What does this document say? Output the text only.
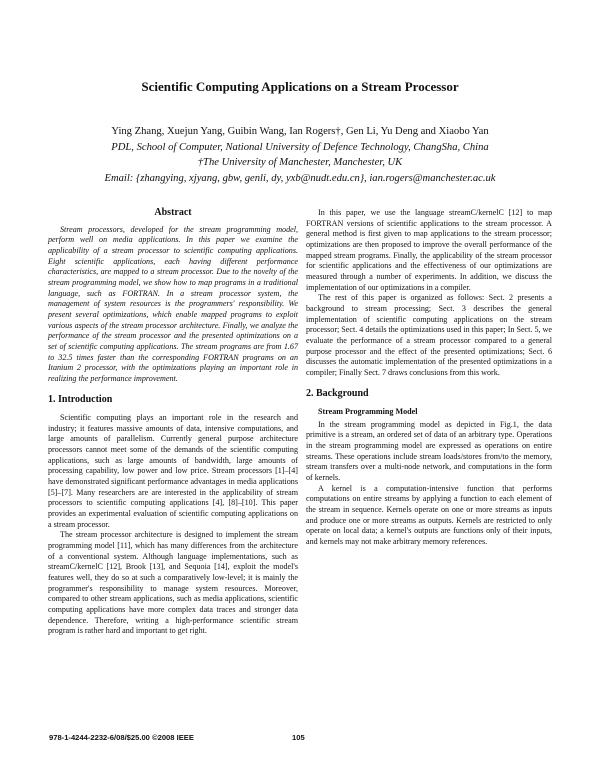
Scientific Computing Applications on a Stream Processor
Ying Zhang, Xuejun Yang, Guibin Wang, Ian Rogers†, Gen Li, Yu Deng and Xiaobo Yan
PDL, School of Computer, National University of Defence Technology, ChangSha, China
†The University of Manchester, Manchester, UK
Email: {zhangying, xjyang, gbw, genli, dy, yxb@nudt.edu.cn}, ian.rogers@manchester.ac.uk
Abstract

Stream processors, developed for the stream programming model, perform well on media applications. In this paper we examine the applicability of a stream processor to scientific computing applications. Eight scientific applications, each having different performance characteristics, are mapped to a stream processor. Due to the novelty of the stream programming model, we show how to map programs in a traditional language, such as FORTRAN. In a stream processor system, the management of system resources is the programmers' responsibility. We present several optimizations, which enable mapped programs to exploit various aspects of the stream processor architecture. Finally, we analyze the performance of the stream processor and the presented optimizations on a set of scientific computing applications. The stream programs are from 1.67 to 32.5 times faster than the corresponding FORTRAN programs on an Itanium 2 processor, with the optimizations playing an important role in realizing the performance improvement.

1. Introduction

Scientific computing plays an important role in the research and industry; it features massive amounts of data, intensive computations, and large amounts of parallelism. Currently general purpose architecture processors cannot meet some of the demands of the scientific computing applications, such as large amounts of bandwidth, large amounts of processing capability, low power and low price. Stream processors [1]–[4] have demonstrated significant performance advantages in media applications [5]–[7]. Many researchers are are interested in the applicability of stream processors to scientific computing applications [4], [8]–[10]. This paper provides an experimental evaluation of scientific computing applications on a stream processor.

The stream processor architecture is designed to implement the stream programming model [11], which has many differences from the architecture of a conventional system. Although language implementations, such as streamC/kernelC [12], Brook [13], and Sequoia [14], exploit the model's features well, they do so at such a comparatively low-level; it is mainly the programmer's responsibility to manage system resources. Moreover, compared to other stream applications, such as media applications, scientific computing applications have more complex data traces and stronger data dependence. Therefore, writing a high-performance scientific stream program is rather hard and important to get right.

In this paper, we use the language streamC/kernelC [12] to map FORTRAN versions of scientific applications to the stream processor. A general method is first given to map applications to the stream processor; optimizations are then proposed to improve the overall performance of the mapped stream programs. Finally, the applicability of the stream processor for scientific applications and the effectiveness of our optimizations are measured through a number of experiments. In addition, we discuss the implementation of our optimizations in a compiler.

The rest of this paper is organized as follows: Sect. 2 presents a background to stream processing; Sect. 3 describes the general implementation of scientific computing applications on the stream processor; Sect. 4 details the optimizations used in this paper; In Sect. 5, we evaluate the performance of a stream processor compared to a general purpose processor and the effect of the presented optimizations; Sect. 6 discusses the automatic implementation of the presented optimizations in a compiler; Finally Sect. 7 draws conclusions from this work.

2. Background
Stream Programming Model

In the stream programming model as depicted in Fig.1, the data primitive is a stream, an ordered set of data of an arbitrary type. Operations in the stream programming model are expressed as operations on entire streams. These operations include stream loads/stores from/to the memory, stream transfers over a multi-node network, and computations in the form of kernels.

A kernel is a computation-intensive function that performs computations on entire streams by applying a function to each element of the stream in sequence. Kernels operate on one or more streams as inputs and produce one or more streams as outputs. Kernels are restricted to only operate on local data; a kernel's outputs are functions only of their inputs, and kernels may not make arbitrary memory references.

978-1-4244-2232-6/08/$25.00 ©2008 IEEE	105
